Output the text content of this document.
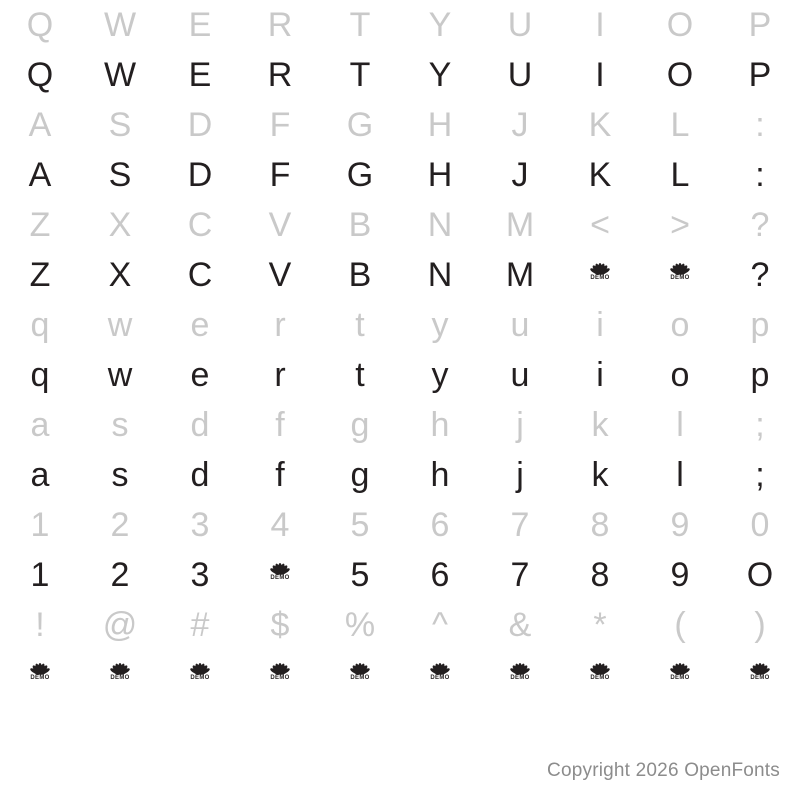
Q	W	E	R	T	Y	U	I	O	P
Q	W	E	R	T	Y	U	I	O	P
A	S	D	F	G	H	J	K	L	:
A	S	D	F	G	H	J	K	L	:
Z	X	C	V	B	N	M	<	>	?
Z	X	C	V	B	N	M	DEMO	DEMO	?
q	w	e	r	t	y	u	i	o	p
q	w	e	r	t	y	u	i	o	p
a	s	d	f	g	h	j	k	l	;
a	s	d	f	g	h	j	k	l	;
1	2	3	4	5	6	7	8	9	0
1	2	3	DEMO	5	6	7	8	9	O
!	@	#	$	%	^	&	*	(	)
DEMO	DEMO	DEMO	DEMO	DEMO	DEMO	DEMO	DEMO	DEMO	DEMO
Copyright 2026 OpenFonts
